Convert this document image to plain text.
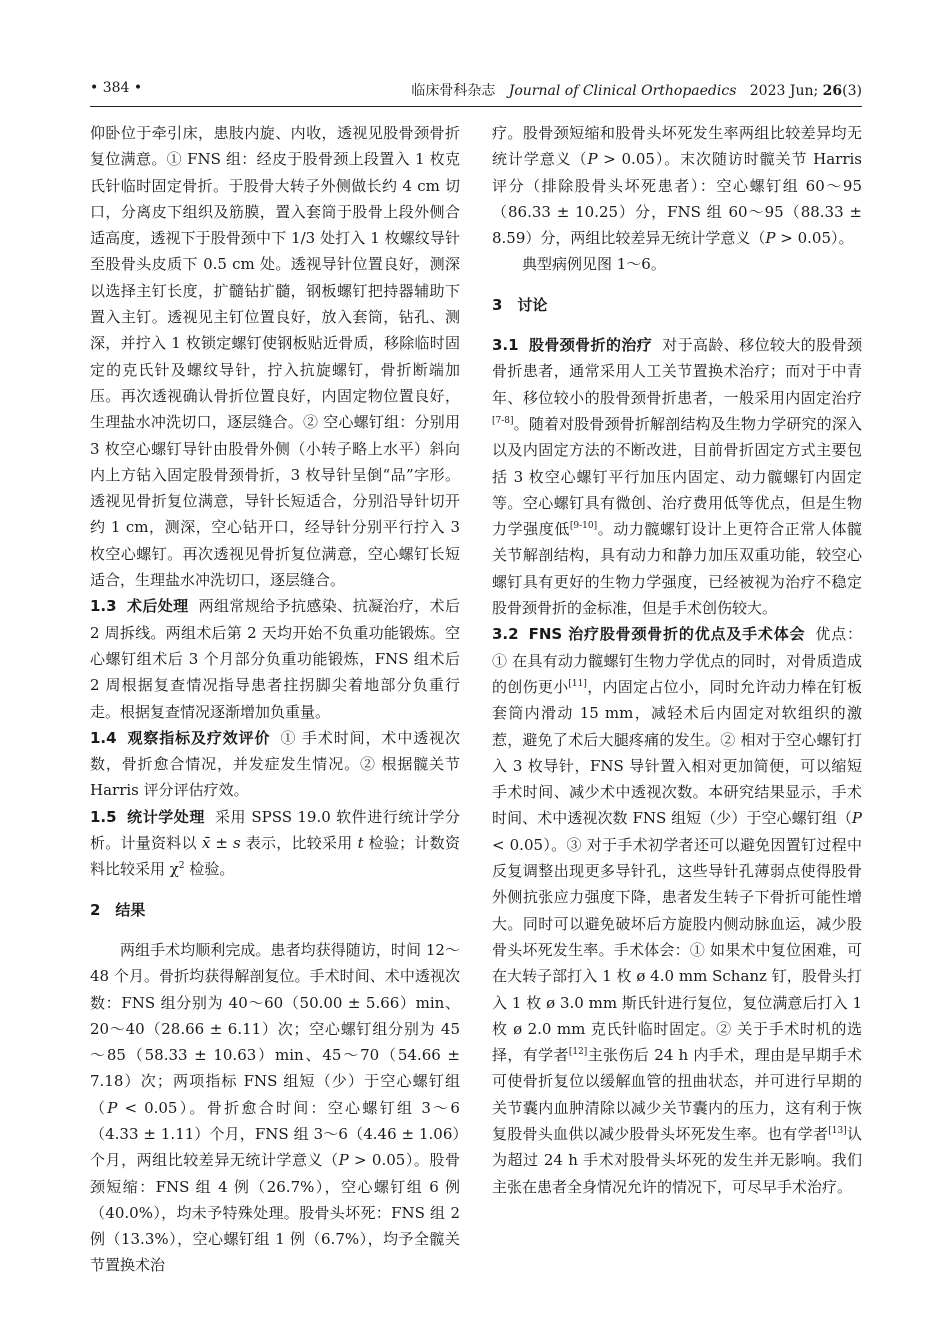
• 384 •	临床骨科杂志 Journal of Clinical Orthopaedics 2023 Jun; 26(3)

仰卧位于牵引床，患肢内旋、内收，透视见股骨颈骨折复位满意。① FNS 组：经皮于股骨颈上段置入 1 枚克氏针临时固定骨折。于股骨大转子外侧做长约 4 cm 切口，分离皮下组织及筋膜，置入套筒于股骨上段外侧合适高度，透视下于股骨颈中下 1/3 处打入 1 枚螺纹导针至股骨头皮质下 0.5 cm 处。透视导针位置良好，测深以选择主钉长度，扩髓钻扩髓，钢板螺钉把持器辅助下置入主钉。透视见主钉位置良好，放入套筒，钻孔、测深，并拧入 1 枚锁定螺钉使钢板贴近骨质，移除临时固定的克氏针及螺纹导针，拧入抗旋螺钉，骨折断端加压。再次透视确认骨折位置良好，内固定物位置良好，生理盐水冲洗切口，逐层缝合。② 空心螺钉组：分别用 3 枚空心螺钉导针由股骨外侧（小转子略上水平）斜向内上方钻入固定股骨颈骨折，3 枚导针呈倒“品”字形。透视见骨折复位满意，导针长短适合，分别沿导针切开约 1 cm，测深，空心钻开口，经导针分别平行拧入 3 枚空心螺钉。再次透视见骨折复位满意，空心螺钉长短适合，生理盐水冲洗切口，逐层缝合。

1.3 术后处理 两组常规给予抗感染、抗凝治疗，术后 2 周拆线。两组术后第 2 天均开始不负重功能锻炼。空心螺钉组术后 3 个月部分负重功能锻炼，FNS 组术后 2 周根据复查情况指导患者拄拐脚尖着地部分负重行走。根据复查情况逐渐增加负重量。

1.4 观察指标及疗效评价 ① 手术时间，术中透视次数，骨折愈合情况，并发症发生情况。② 根据髋关节 Harris 评分评估疗效。

1.5 统计学处理 采用 SPSS 19.0 软件进行统计学分析。计量资料以 x̄ ± s 表示，比较采用 t 检验；计数资料比较采用 $\chi^2$ 检验。

2　结果

两组手术均顺利完成。患者均获得随访，时间 12～48 个月。骨折均获得解剖复位。手术时间、术中透视次数：FNS 组分别为 40～60（50.00 ± 5.66）min、20～40（28.66 ± 6.11）次；空心螺钉组分别为 45～85（58.33 ± 10.63）min、45～70（54.66 ± 7.18）次；两项指标 FNS 组短（少）于空心螺钉组（P < 0.05）。骨折愈合时间：空心螺钉组 3～6（4.33 ± 1.11）个月，FNS 组 3～6（4.46 ± 1.06）个月，两组比较差异无统计学意义（P > 0.05）。股骨颈短缩：FNS 组 4 例（26.7%），空心螺钉组 6 例（40.0%），均未予特殊处理。股骨头坏死：FNS 组 2 例（13.3%），空心螺钉组 1 例（6.7%），均予全髋关节置换术治

疗。股骨颈短缩和股骨头坏死发生率两组比较差异均无统计学意义（P > 0.05）。末次随访时髋关节 Harris 评分（排除股骨头坏死患者）：空心螺钉组 60～95（86.33 ± 10.25）分，FNS 组 60～95（88.33 ± 8.59）分，两组比较差异无统计学意义（P > 0.05）。

典型病例见图 1～6。

3　讨论

3.1 股骨颈骨折的治疗 对于高龄、移位较大的股骨颈骨折患者，通常采用人工关节置换术治疗；而对于中青年、移位较小的股骨颈骨折患者，一般采用内固定治疗[7-8]。随着对股骨颈骨折解剖结构及生物力学研究的深入以及内固定方法的不断改进，目前骨折固定方式主要包括 3 枚空心螺钉平行加压内固定、动力髋螺钉内固定等。空心螺钉具有微创、治疗费用低等优点，但是生物力学强度低[9-10]。动力髋螺钉设计上更符合正常人体髋关节解剖结构，具有动力和静力加压双重功能，较空心螺钉具有更好的生物力学强度，已经被视为治疗不稳定股骨颈骨折的金标准，但是手术创伤较大。

3.2 FNS 治疗股骨颈骨折的优点及手术体会 优点：① 在具有动力髋螺钉生物力学优点的同时，对骨质造成的创伤更小[11]，内固定占位小，同时允许动力棒在钉板套筒内滑动 15 mm，减轻术后内固定对软组织的激惹，避免了术后大腿疼痛的发生。② 相对于空心螺钉打入 3 枚导针，FNS 导针置入相对更加简便，可以缩短手术时间、减少术中透视次数。本研究结果显示，手术时间、术中透视次数 FNS 组短（少）于空心螺钉组（P < 0.05）。③ 对于手术初学者还可以避免因置钉过程中反复调整出现更多导针孔，这些导针孔薄弱点使得股骨外侧抗张应力强度下降，患者发生转子下骨折可能性增大。同时可以避免破坏后方旋股内侧动脉血运，减少股骨头坏死发生率。手术体会：① 如果术中复位困难，可在大转子部打入 1 枚 ø 4.0 mm Schanz 钉，股骨头打入 1 枚 ø 3.0 mm 斯氏针进行复位，复位满意后打入 1 枚 ø 2.0 mm 克氏针临时固定。② 关于手术时机的选择，有学者[12]主张伤后 24 h 内手术，理由是早期手术可使骨折复位以缓解血管的扭曲状态，并可进行早期的关节囊内血肿清除以减少关节囊内的压力，这有利于恢复股骨头血供以减少股骨头坏死发生率。也有学者[13]认为超过 24 h 手术对股骨头坏死的发生并无影响。我们主张在患者全身情况允许的情况下，可尽早手术治疗。
